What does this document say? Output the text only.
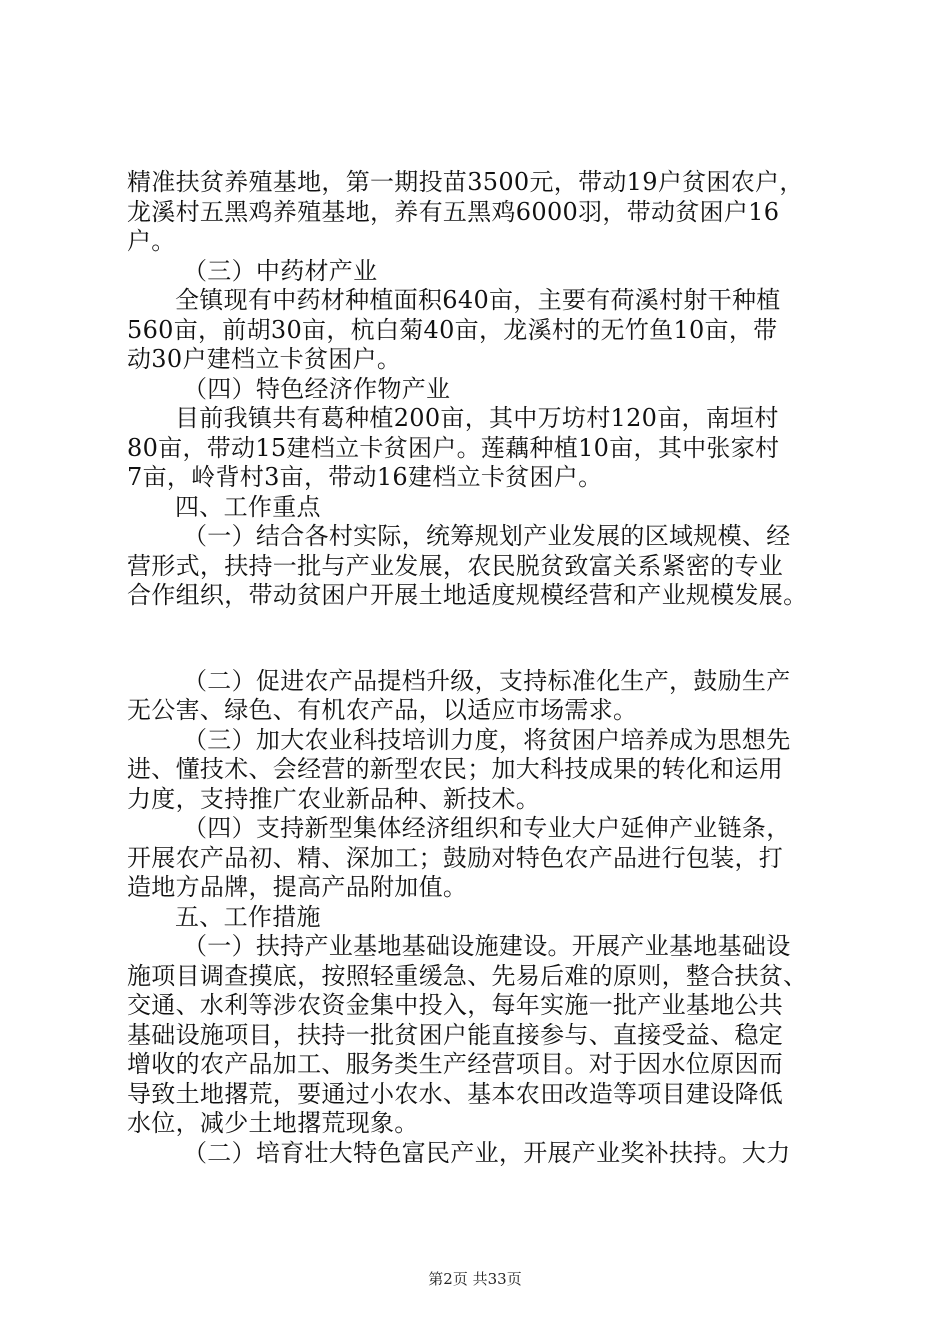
精准扶贫养殖基地，第一期投苗3500元，带动19户贫困农户，
龙溪村五黑鸡养殖基地，养有五黑鸡6000羽，带动贫困户16
户。
（三）中药材产业
全镇现有中药材种植面积640亩，主要有荷溪村射干种植
560亩，前胡30亩，杭白菊40亩，龙溪村的无竹鱼10亩，带
动30户建档立卡贫困户。
（四）特色经济作物产业
目前我镇共有葛种植200亩，其中万坊村120亩，南垣村
80亩，带动15建档立卡贫困户。莲藕种植10亩，其中张家村
7亩，岭背村3亩，带动16建档立卡贫困户。
四、工作重点
（一）结合各村实际，统筹规划产业发展的区域规模、经
营形式，扶持一批与产业发展，农民脱贫致富关系紧密的专业
合作组织，带动贫困户开展土地适度规模经营和产业规模发展。
（二）促进农产品提档升级，支持标准化生产，鼓励生产
无公害、绿色、有机农产品，以适应市场需求。
（三）加大农业科技培训力度，将贫困户培养成为思想先
进、懂技术、会经营的新型农民；加大科技成果的转化和运用
力度，支持推广农业新品种、新技术。
（四）支持新型集体经济组织和专业大户延伸产业链条，
开展农产品初、精、深加工；鼓励对特色农产品进行包装，打
造地方品牌，提高产品附加值。
五、工作措施
（一）扶持产业基地基础设施建设。开展产业基地基础设
施项目调查摸底，按照轻重缓急、先易后难的原则，整合扶贫、
交通、水利等涉农资金集中投入，每年实施一批产业基地公共
基础设施项目，扶持一批贫困户能直接参与、直接受益、稳定
增收的农产品加工、服务类生产经营项目。对于因水位原因而
导致土地撂荒，要通过小农水、基本农田改造等项目建设降低
水位，减少土地撂荒现象。
（二）培育壮大特色富民产业，开展产业奖补扶持。大力
第2页 共33页
